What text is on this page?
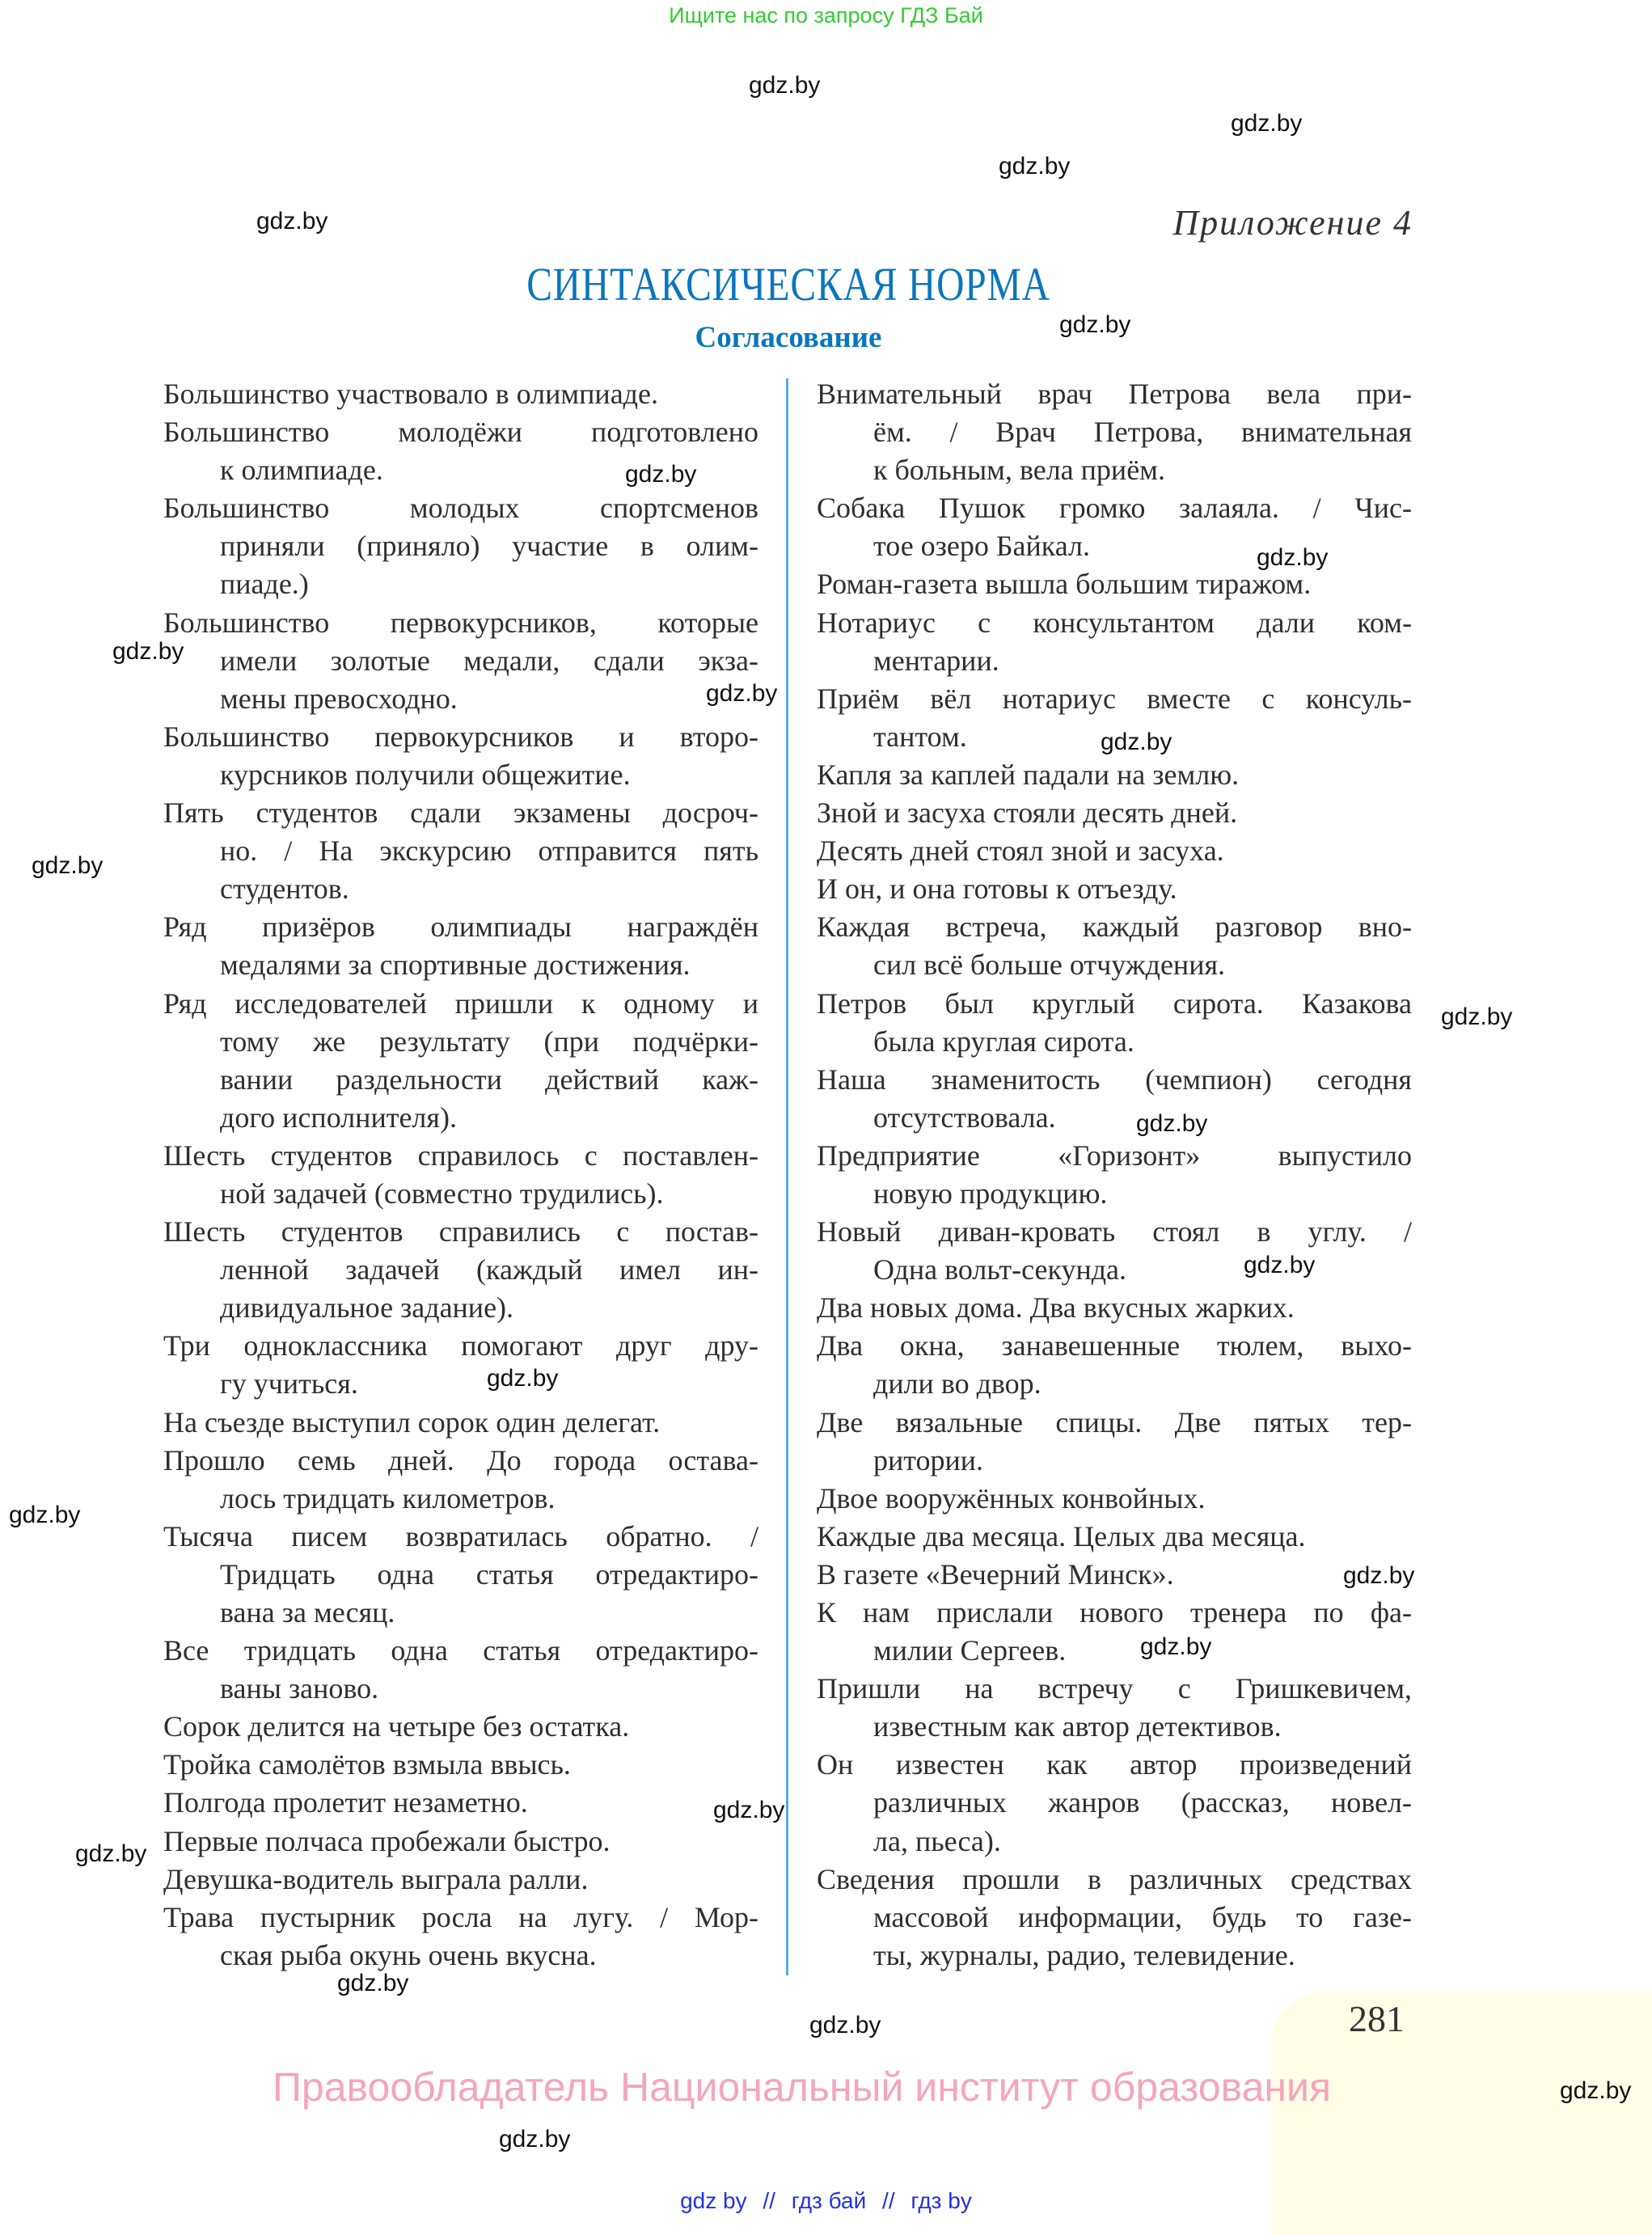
Ищите нас по запросу ГДЗ Бай
Приложение 4
СИНТАКСИЧЕСКАЯ НОРМА
Согласование
Большинство участвовало в олимпиаде.
Большинство молодёжи подготовлено
к олимпиаде.
Большинство молодых спортсменов
приняли (приняло) участие в олим-
пиаде.)
Большинство первокурсников, которые
имели золотые медали, сдали экза-
мены превосходно.
Большинство первокурсников и второ-
курсников получили общежитие.
Пять студентов сдали экзамены досроч-
но. / На экскурсию отправится пять
студентов.
Ряд призёров олимпиады награждён
медалями за спортивные достижения.
Ряд исследователей пришли к одному и
тому же результату (при подчёрки-
вании раздельности действий каж-
дого исполнителя).
Шесть студентов справилось с поставлен-
ной задачей (совместно трудились).
Шесть студентов справились с постав-
ленной задачей (каждый имел ин-
дивидуальное задание).
Три одноклассника помогают друг дру-
гу учиться.
На съезде выступил сорок один делегат.
Прошло семь дней. До города остава-
лось тридцать километров.
Тысяча писем возвратилась обратно. /
Тридцать одна статья отредактиро-
вана за месяц.
Все тридцать одна статья отредактиро-
ваны заново.
Сорок делится на четыре без остатка.
Тройка самолётов взмыла ввысь.
Полгода пролетит незаметно.
Первые полчаса пробежали быстро.
Девушка-водитель выграла ралли.
Трава пустырник росла на лугу. / Мор-
ская рыба окунь очень вкусна.
Внимательный врач Петрова вела при-
ём. / Врач Петрова, внимательная
к больным, вела приём.
Собака Пушок громко залаяла. / Чис-
тое озеро Байкал.
Роман-газета вышла большим тиражом.
Нотариус с консультантом дали ком-
ментарии.
Приём вёл нотариус вместе с консуль-
тантом.
Капля за каплей падали на землю.
Зной и засуха стояли десять дней.
Десять дней стоял зной и засуха.
И он, и она готовы к отъезду.
Каждая встреча, каждый разговор вно-
сил всё больше отчуждения.
Петров был круглый сирота. Казакова
была круглая сирота.
Наша знаменитость (чемпион) сегодня
отсутствовала.
Предприятие «Горизонт» выпустило
новую продукцию.
Новый диван-кровать стоял в углу. /
Одна вольт-секунда.
Два новых дома. Два вкусных жарких.
Два окна, занавешенные тюлем, выхо-
дили во двор.
Две вязальные спицы. Две пятых тер-
ритории.
Двое вооружённых конвойных.
Каждые два месяца. Целых два месяца.
В газете «Вечерний Минск».
К нам прислали нового тренера по фа-
милии Сергеев.
Пришли на встречу с Гришкевичем,
известным как автор детективов.
Он известен как автор произведений
различных жанров (рассказ, новел-
ла, пьеса).
Сведения прошли в различных средствах
массовой информации, будь то газе-
ты, журналы, радио, телевидение.
281
Правообладатель Национальный институт образования
gdz by // гдз бай // гдз by
gdz.by
gdz.by
gdz.by
gdz.by
gdz.by
gdz.by
gdz.by
gdz.by
gdz.by
gdz.by
gdz.by
gdz.by
gdz.by
gdz.by
gdz.by
gdz.by
gdz.by
gdz.by
gdz.by
gdz.by
gdz.by
gdz.by
gdz.by
gdz.by
